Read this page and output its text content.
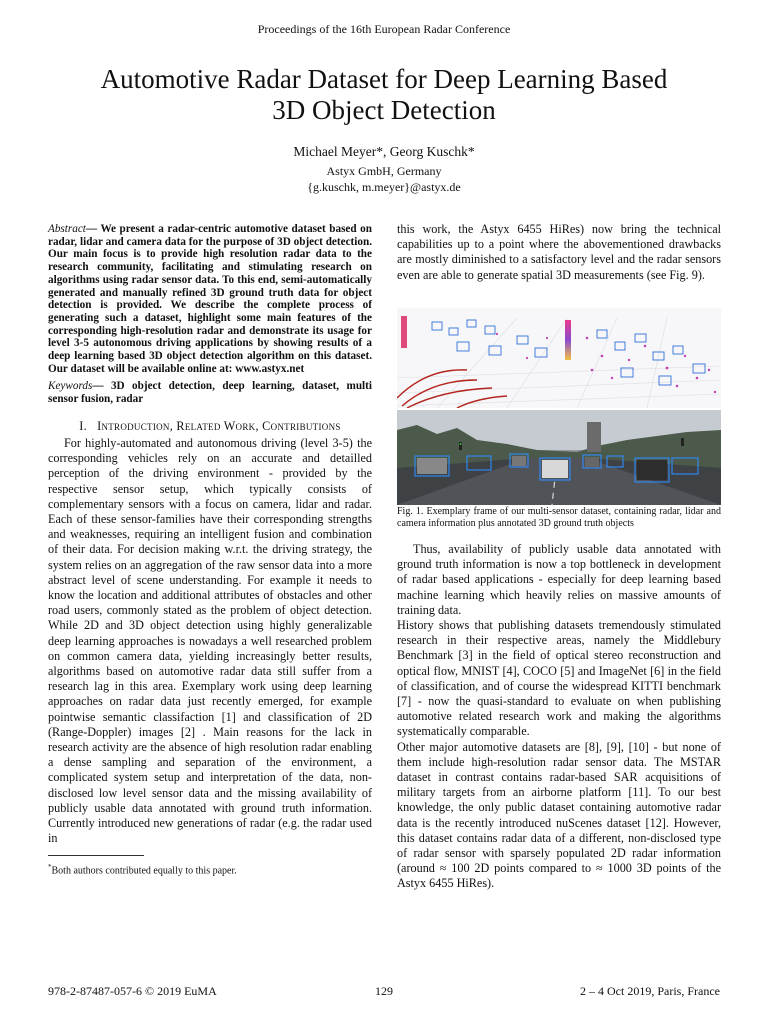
Proceedings of the 16th European Radar Conference
Automotive Radar Dataset for Deep Learning Based
3D Object Detection
Michael Meyer*, Georg Kuschk*
Astyx GmbH, Germany
{g.kuschk, m.meyer}@astyx.de
Abstract— We present a radar-centric automotive dataset based on radar, lidar and camera data for the purpose of 3D object detection. Our main focus is to provide high resolution radar data to the research community, facilitating and stimulating research on algorithms using radar sensor data. To this end, semi-automatically generated and manually refined 3D ground truth data for object detection is provided. We describe the complete process of generating such a dataset, highlight some main features of the corresponding high-resolution radar and demonstrate its usage for level 3-5 autonomous driving applications by showing results of a deep learning based 3D object detection algorithm on this dataset. Our dataset will be available online at: www.astyx.net
Keywords— 3D object detection, deep learning, dataset, multi sensor fusion, radar
I. Introduction, Related Work, Contributions

For highly-automated and autonomous driving (level 3-5) the corresponding vehicles rely on an accurate and detailled perception of the driving environment - provided by the respective sensor setup, which typically consists of complementary sensors with a focus on camera, lidar and radar. Each of these sensor-families have their corresponding strengths and weaknesses, requiring an intelligent fusion and combination of their data. For decision making w.r.t. the driving strategy, the system relies on an aggregation of the raw sensor data into a more abstract level of scene understanding. For example it needs to know the location and additional attributes of obstacles and other road users, commonly stated as the problem of object detection. While 2D and 3D object detection using highly generalizable deep learning approaches is nowadays a well researched problem on common camera data, yielding increasingly better results, algorithms based on automotive radar data still suffer from a research lag in this area. Exemplary work using deep learning approaches on radar data just recently emerged, for example pointwise semantic classifaction [1] and classification of 2D (Range-Doppler) images [2] . Main reasons for the lack in research activity are the absence of high resolution radar enabling a dense sampling and separation of the environment, a complicated system setup and interpretation of the data, non-disclosed low level sensor data and the missing availability of publicly usable data annotated with ground truth information. Currently introduced new generations of radar (e.g. the radar used in

*Both authors contributed equally to this paper.

this work, the Astyx 6455 HiRes) now bring the technical capabilities up to a point where the abovementioned drawbacks are mostly diminished to a satisfactory level and the radar sensors even are able to generate spatial 3D measurements (see Fig. 9).

Fig. 1. Exemplary frame of our multi-sensor dataset, containing radar, lidar and camera information plus annotated 3D ground truth objects

Thus, availability of publicly usable data annotated with ground truth information is now a top bottleneck in development of radar based applications - especially for deep learning based machine learning which heavily relies on massive amounts of training data.

History shows that publishing datasets tremendously stimulated research in their respective areas, namely the Middlebury Benchmark [3] in the field of optical stereo reconstruction and optical flow, MNIST [4], COCO [5] and ImageNet [6] in the field of classification, and of course the widespread KITTI benchmark [7] - now the quasi-standard to evaluate on when publishing automotive related research work and making the algorithms systematically comparable.

Other major automotive datasets are [8], [9], [10] - but none of them include high-resolution radar sensor data. The MSTAR dataset in contrast contains radar-based SAR acquisitions of military targets from an airborne platform [11]. To our best knowledge, the only public dataset containing automotive radar data is the recently introduced nuScenes dataset [12]. However, this dataset contains radar data of a different, non-disclosed type of radar sensor with sparsely populated 2D radar information (around ≈ 100 2D points compared to ≈ 1000 3D points of the Astyx 6455 HiRes).

978-2-87487-057-6 © 2019 EuMA	129	2 – 4 Oct 2019, Paris, France
